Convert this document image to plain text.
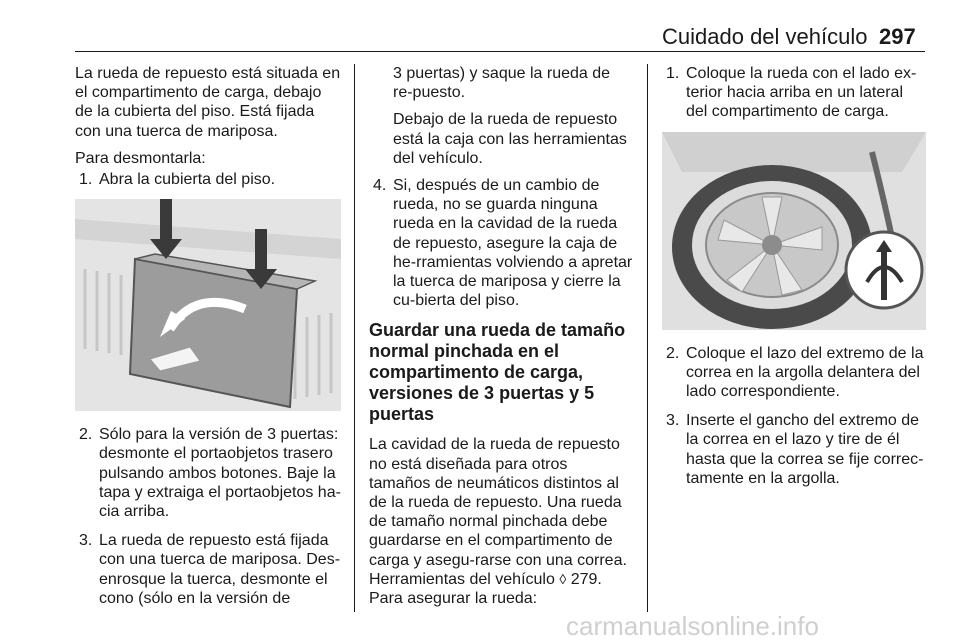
Cuidado del vehículo 297

La rueda de repuesto está situada en el compartimento de carga, debajo de la cubierta del piso. Está fijada con una tuerca de mariposa.

Para desmontarla:

1. Abra la cubierta del piso.
2. Sólo para la versión de 3 puertas: desmonte el portaobjetos trasero pulsando ambos botones. Baje la tapa y extraiga el portaobjetos ha-cia arriba.
3. La rueda de repuesto está fijada con una tuerca de mariposa. Des-enrosque la tuerca, desmonte el cono (sólo en la versión de

3 puertas) y saque la rueda de re-puesto.

Debajo de la rueda de repuesto está la caja con las herramientas del vehículo.

4. Si, después de un cambio de rueda, no se guarda ninguna rueda en la cavidad de la rueda de repuesto, asegure la caja de he-rramientas volviendo a apretar la tuerca de mariposa y cierre la cu-bierta del piso.
Guardar una rueda de tamaño normal pinchada en el compartimento de carga, versiones de 3 puertas y 5 puertas

La cavidad de la rueda de repuesto no está diseñada para otros tamaños de neumáticos distintos al de la rueda de repuesto. Una rueda de tamaño normal pinchada debe guardarse en el compartimento de carga y asegu-rarse con una correa. Herramientas del vehículo ◊ 279. Para asegurar la rueda:

1. Coloque la rueda con el lado ex-terior hacia arriba en un lateral del compartimento de carga.
2. Coloque el lazo del extremo de la correa en la argolla delantera del lado correspondiente.
3. Inserte el gancho del extremo de la correa en el lazo y tire de él hasta que la correa se fije correc-tamente en la argolla.
carmanualsonline.info
